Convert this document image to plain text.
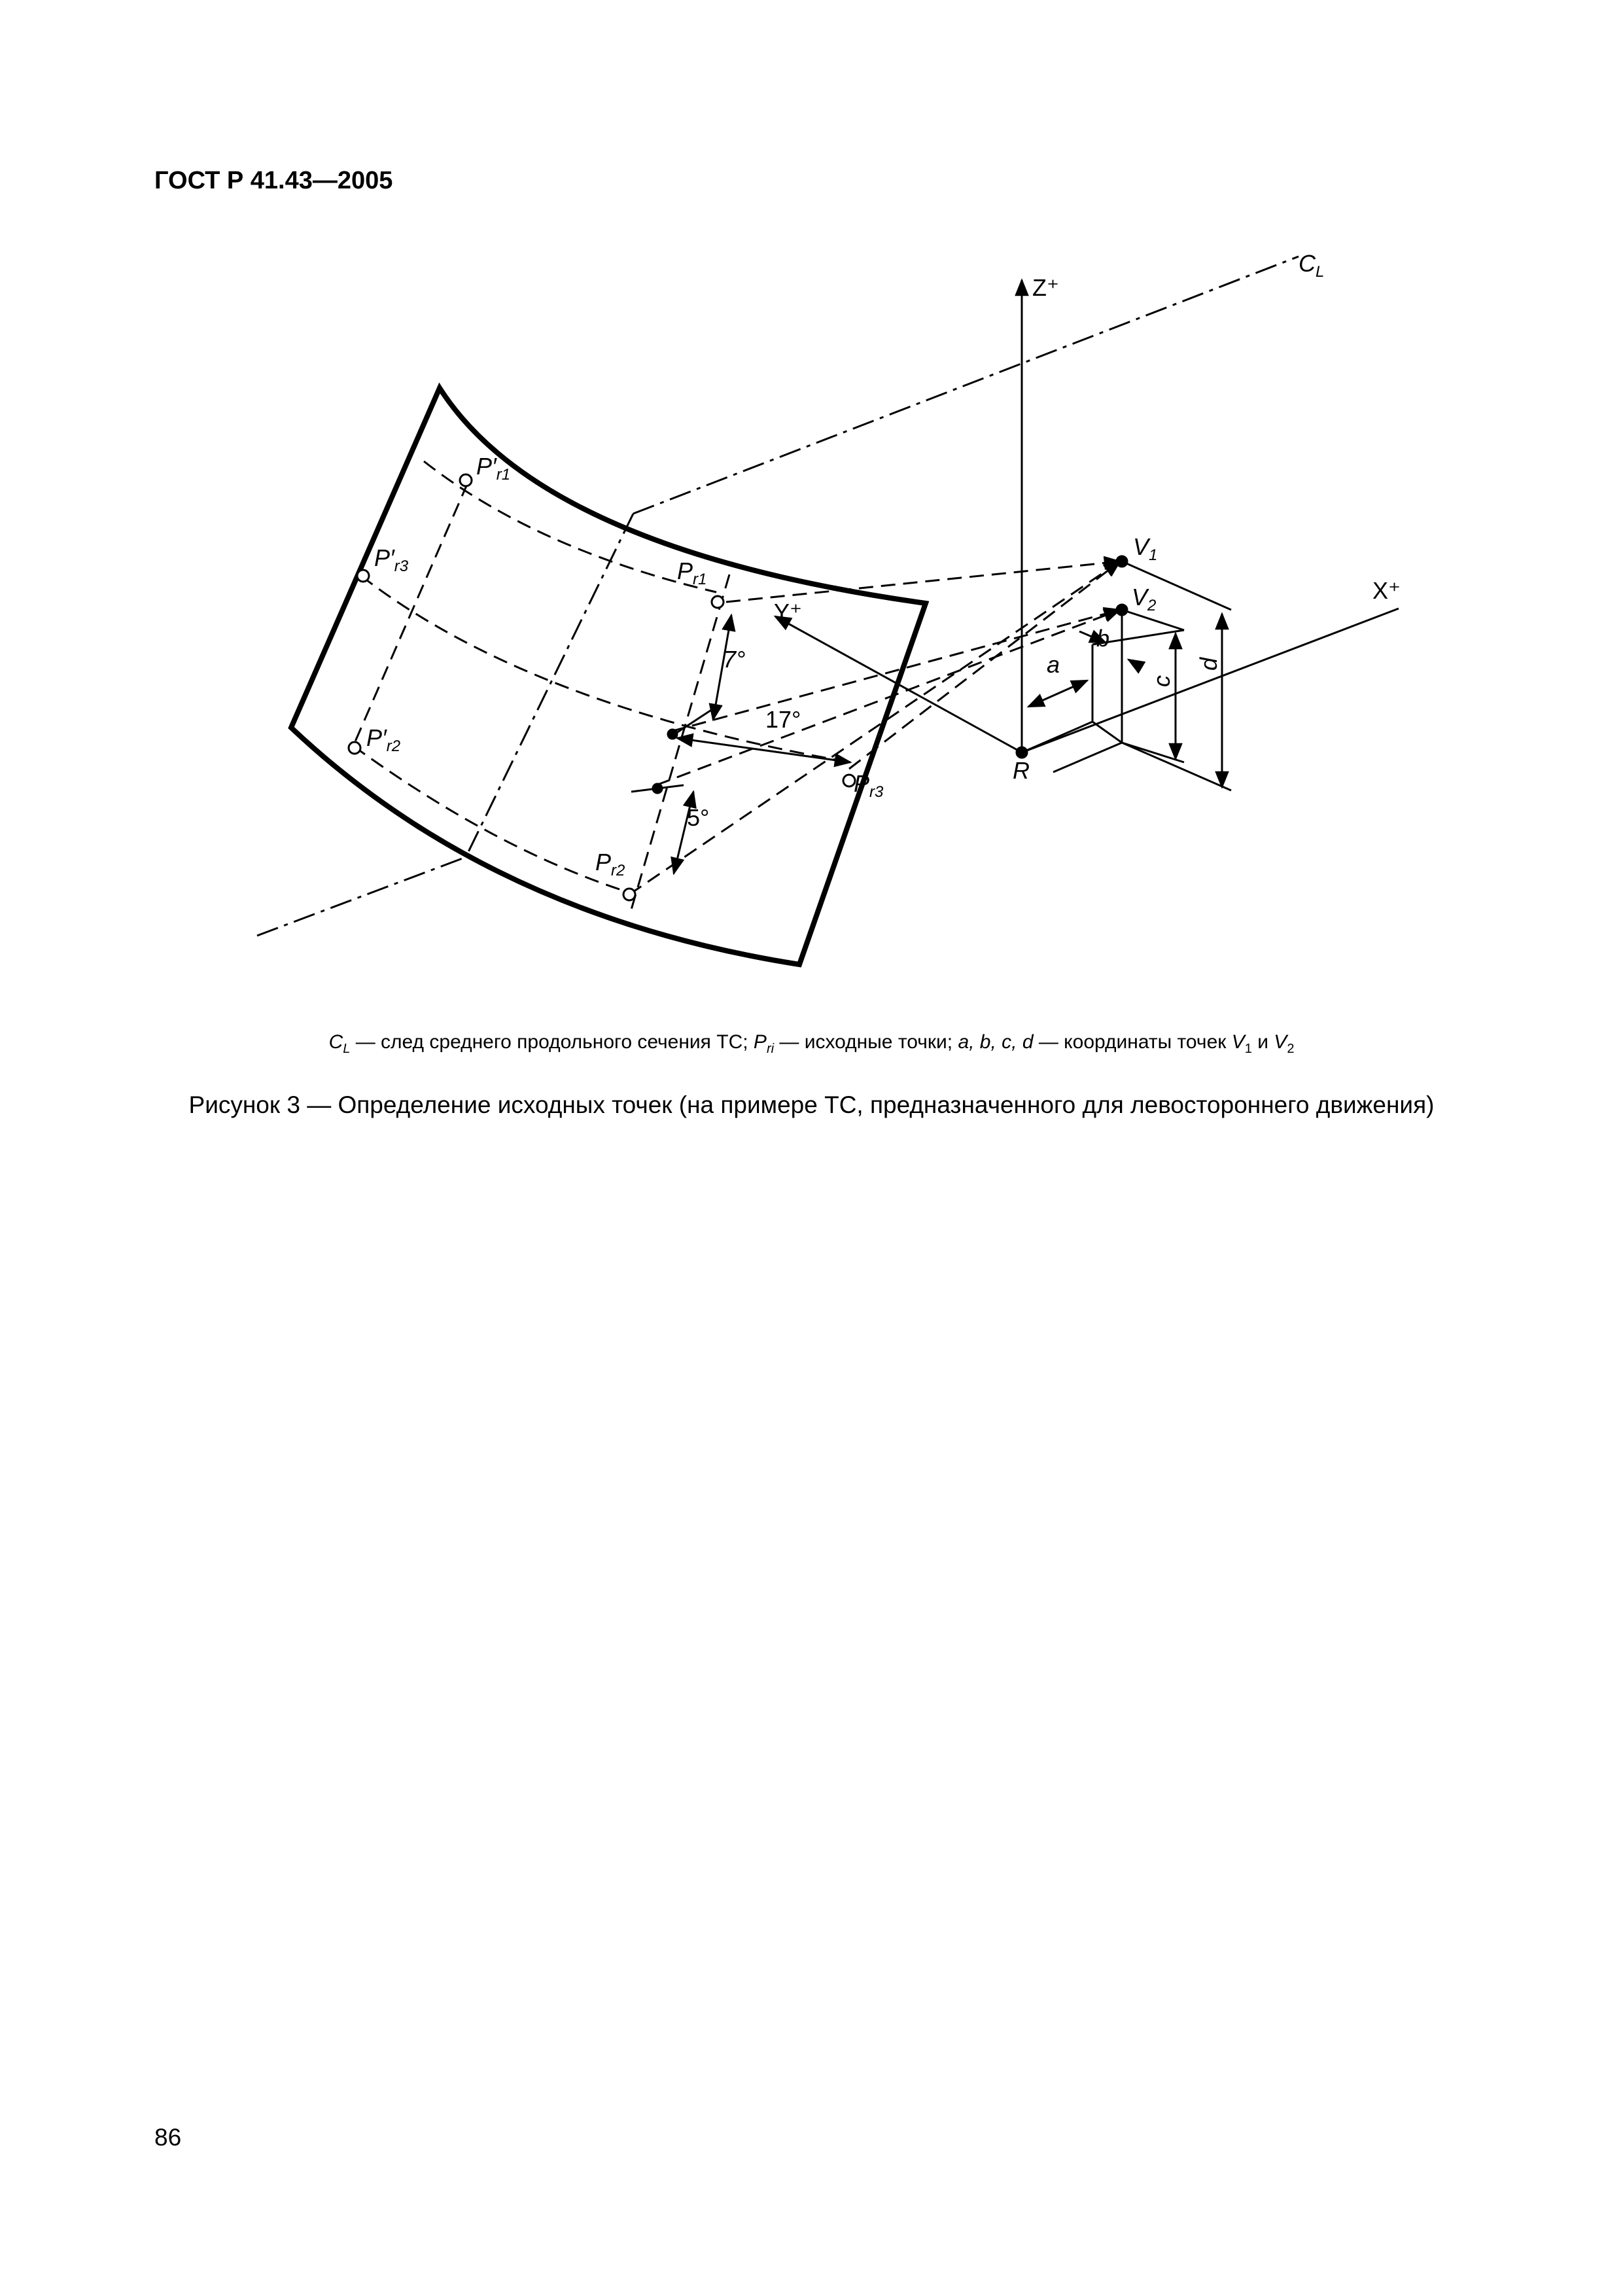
ГОСТ Р 41.43—2005
$C_L$
Z⁺
X⁺
Y⁺
R
$V_1$
$V_2$
a
b
c
d
$P_{r1}$
$P_{r2}$
$P_{r3}$
$P'_{r1}$
$P'_{r2}$
$P'_{r3}$
7°
17°
5°
$C_L$ — след среднего продольного сечения ТС; $P_{ri}$ — исходные точки; a, b, c, d — координаты точек $V_1$ и $V_2$
Рисунок 3 — Определение исходных точек (на примере ТС, предназначенного для левостороннего движения)
86
